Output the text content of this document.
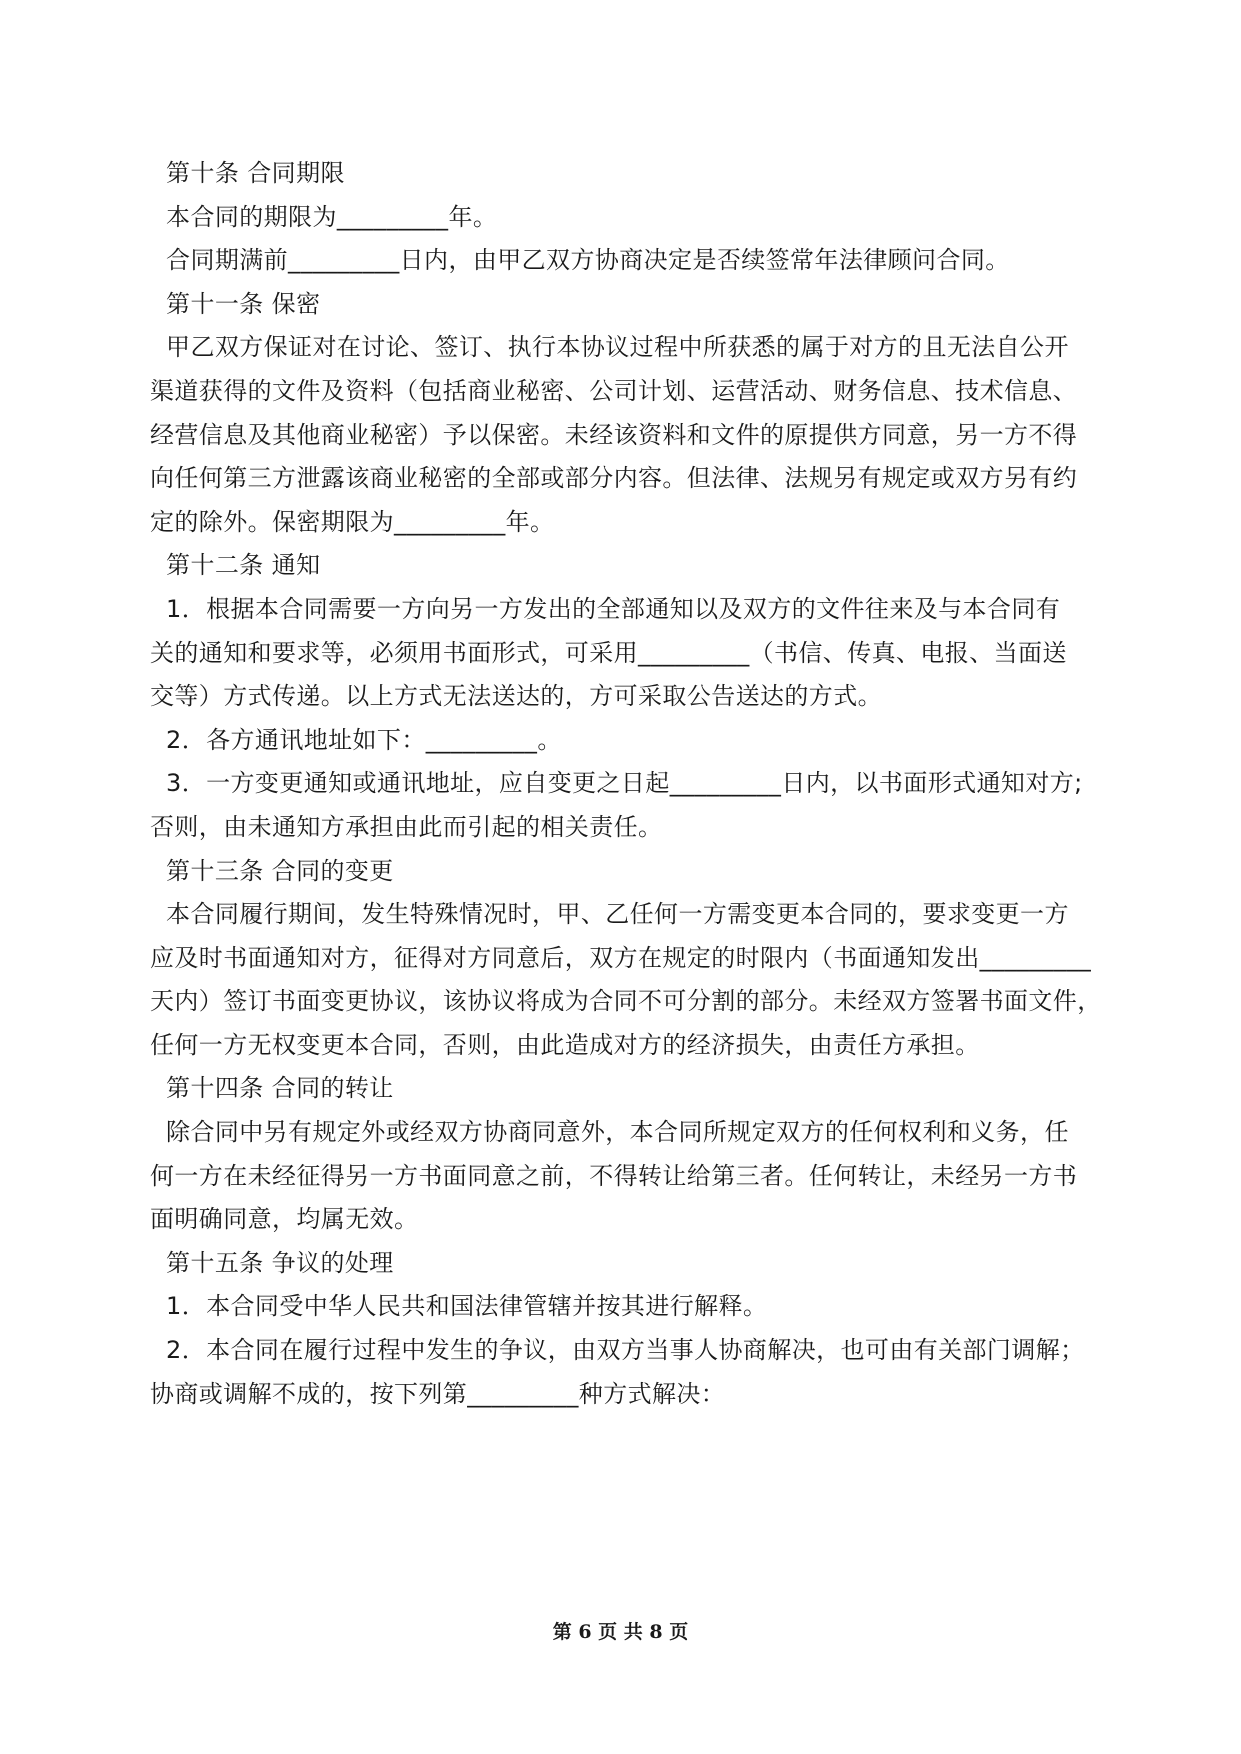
第十条 合同期限
本合同的期限为_________年。
合同期满前_________日内，由甲乙双方协商决定是否续签常年法律顾问合同。
第十一条 保密
甲乙双方保证对在讨论、签订、执行本协议过程中所获悉的属于对方的且无法自公开
渠道获得的文件及资料（包括商业秘密、公司计划、运营活动、财务信息、技术信息、
经营信息及其他商业秘密）予以保密。未经该资料和文件的原提供方同意，另一方不得
向任何第三方泄露该商业秘密的全部或部分内容。但法律、法规另有规定或双方另有约
定的除外。保密期限为_________年。
第十二条 通知
1．根据本合同需要一方向另一方发出的全部通知以及双方的文件往来及与本合同有
关的通知和要求等，必须用书面形式，可采用_________（书信、传真、电报、当面送
交等）方式传递。以上方式无法送达的，方可采取公告送达的方式。
2．各方通讯地址如下：_________。
3．一方变更通知或通讯地址，应自变更之日起_________日内，以书面形式通知对方;
否则，由未通知方承担由此而引起的相关责任。
第十三条 合同的变更
本合同履行期间，发生特殊情况时，甲、乙任何一方需变更本合同的，要求变更一方
应及时书面通知对方，征得对方同意后，双方在规定的时限内（书面通知发出_________
天内）签订书面变更协议，该协议将成为合同不可分割的部分。未经双方签署书面文件，
任何一方无权变更本合同，否则，由此造成对方的经济损失，由责任方承担。
第十四条 合同的转让
除合同中另有规定外或经双方协商同意外，本合同所规定双方的任何权利和义务，任
何一方在未经征得另一方书面同意之前，不得转让给第三者。任何转让，未经另一方书
面明确同意，均属无效。
第十五条 争议的处理
1．本合同受中华人民共和国法律管辖并按其进行解释。
2．本合同在履行过程中发生的争议，由双方当事人协商解决，也可由有关部门调解；
协商或调解不成的，按下列第_________种方式解决：
第 6 页 共 8 页
